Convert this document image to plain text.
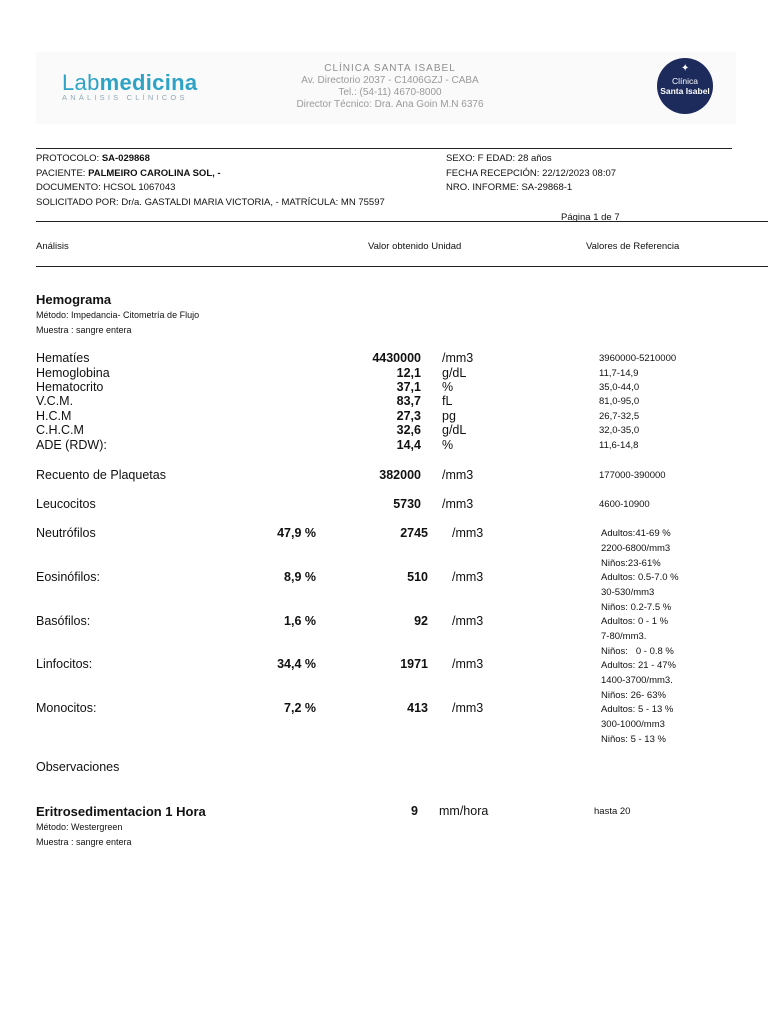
Labmedicina
ANÁLISIS CLÍNICOS
CLÍNICA SANTA ISABEL
Av. Directorio 2037 - C1406GZJ - CABA
Tel.: (54-11) 4670-8000
Director Técnico: Dra. Ana Goin M.N 6376
✦
Clínica
Santa Isabel
PROTOCOLO: SA-029868
PACIENTE: PALMEIRO CAROLINA SOL, -
DOCUMENTO: HCSOL 1067043
SOLICITADO POR: Dr/a. GASTALDI MARIA VICTORIA, - MATRÍCULA: MN 75597
SEXO: F EDAD: 28 años
FECHA RECEPCIÓN: 22/12/2023 08:07
NRO. INFORME: SA-29868-1
Página 1 de 7
Análisis	Valor obtenido Unidad	Valores de Referencia
Hemograma
Método: Impedancia- Citometría de Flujo
Muestra : sangre entera
Hematíes	4430000 /mm3	3960000-5210000
Hemoglobina	12,1 g/dL	11,7-14,9
Hematocrito	37,1 %	35,0-44,0
V.C.M.	83,7 fL	81,0-95,0
H.C.M	27,3 pg	26,7-32,5
C.H.C.M	32,6 g/dL	32,0-35,0
ADE (RDW):	14,4 %	11,6-14,8
Recuento de Plaquetas	382000 /mm3	177000-390000
Leucocitos	5730 /mm3	4600-10900
Neutrófilos	47,9 %	2745 /mm3	Adultos:41-69 %
2200-6800/mm3
Niños:23-61%
Eosinófilos:	8,9 %	510 /mm3	Adultos: 0.5-7.0 %
30-530/mm3
Niños: 0.2-7.5 %
Basófilos:	1,6 %	92 /mm3	Adultos: 0 - 1 %
7-80/mm3.
Niños:   0 - 0.8 %
Linfocitos:	34,4 %	1971 /mm3	Adultos: 21 - 47%
1400-3700/mm3.
Niños: 26- 63%
Monocitos:	7,2 %	413 /mm3	Adultos: 5 - 13 %
300-1000/mm3
Niños: 5 - 13 %
Observaciones
Eritrosedimentacion 1 Hora	9 mm/hora	hasta 20
Método: Westergreen
Muestra : sangre entera
